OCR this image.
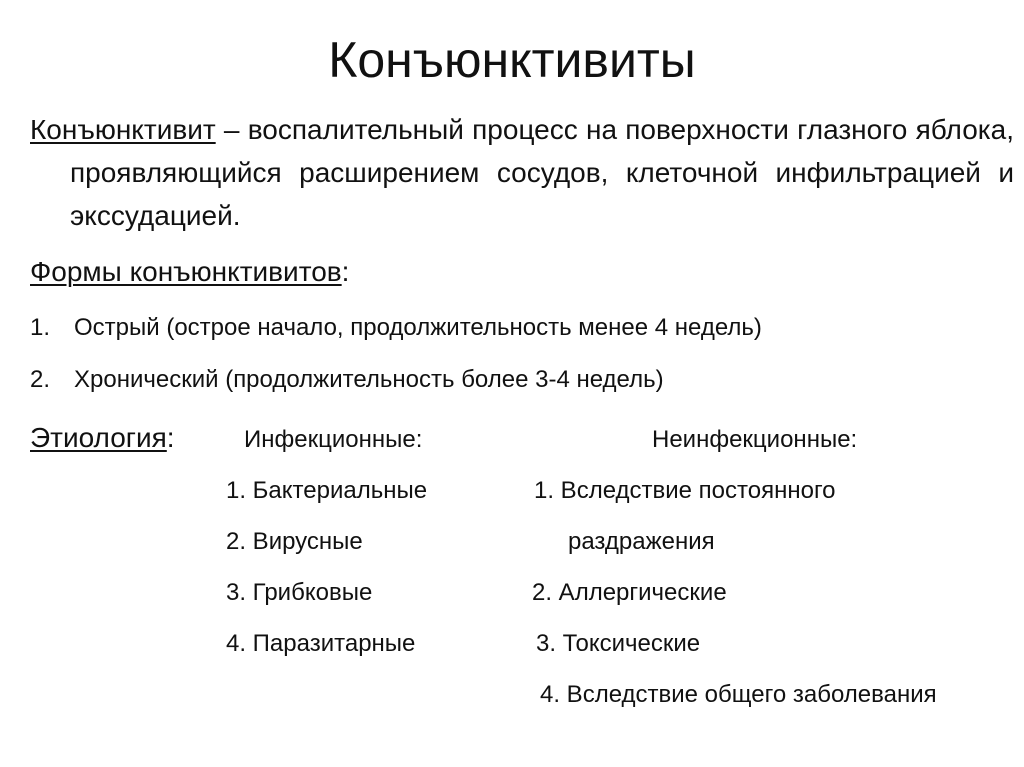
Конъюнктивиты
Конъюнктивит – воспалительный процесс на поверхности глазного яблока, проявляющийся расширением сосудов, клеточной инфильтрацией и экссудацией.
Формы конъюнктивитов:
1. Острый (острое начало, продолжительность менее 4 недель)
2. Хронический (продолжительность более 3-4 недель)
Этиология:	Инфекционные:	Неинфекционные:
1. Бактериальные
2. Вирусные
3. Грибковые
4. Паразитарные
1. Вследствие постоянного
раздражения
2. Аллергические
3. Токсические
4. Вследствие общего заболевания
